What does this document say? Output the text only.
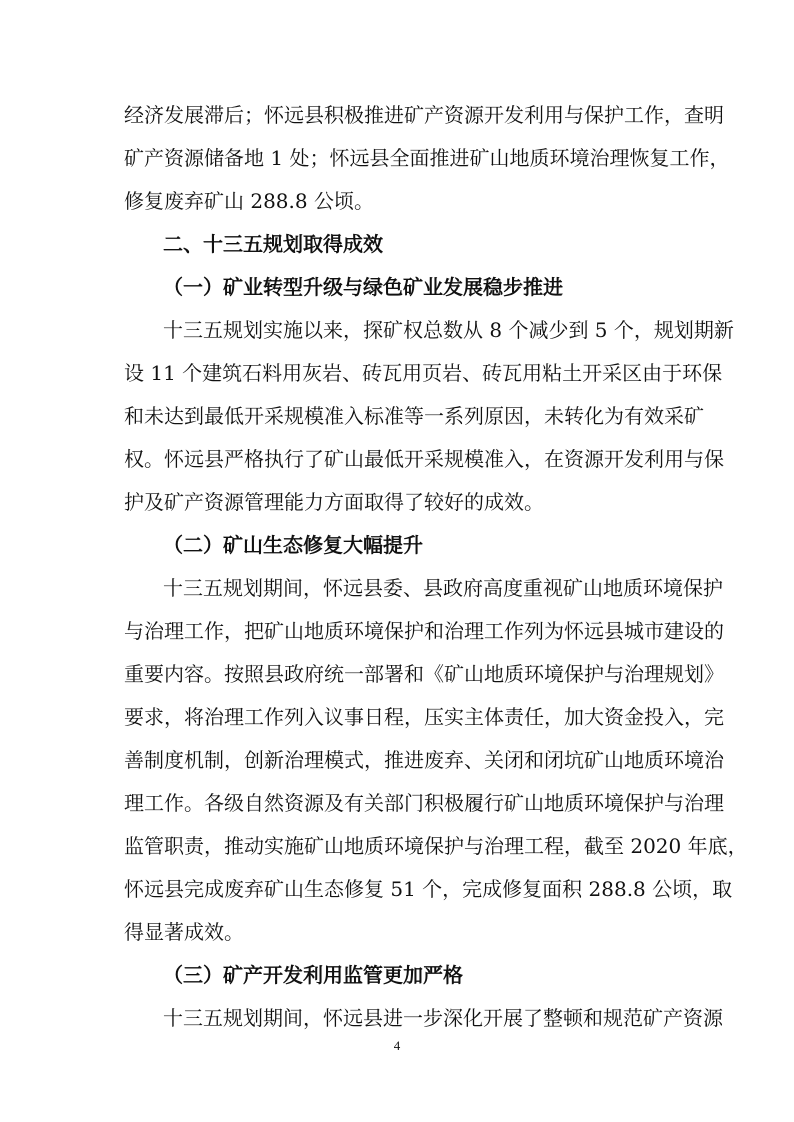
经济发展滞后；怀远县积极推进矿产资源开发利用与保护工作，查明
矿产资源储备地 1 处；怀远县全面推进矿山地质环境治理恢复工作，
修复废弃矿山 288.8 公顷。
二、十三五规划取得成效
（一）矿业转型升级与绿色矿业发展稳步推进
十三五规划实施以来，探矿权总数从 8 个减少到 5 个，规划期新
设 11 个建筑石料用灰岩、砖瓦用页岩、砖瓦用粘土开采区由于环保
和未达到最低开采规模准入标准等一系列原因，未转化为有效采矿
权。怀远县严格执行了矿山最低开采规模准入，在资源开发利用与保
护及矿产资源管理能力方面取得了较好的成效。
（二）矿山生态修复大幅提升
十三五规划期间，怀远县委、县政府高度重视矿山地质环境保护
与治理工作，把矿山地质环境保护和治理工作列为怀远县城市建设的
重要内容。按照县政府统一部署和《矿山地质环境保护与治理规划》
要求，将治理工作列入议事日程，压实主体责任，加大资金投入，完
善制度机制，创新治理模式，推进废弃、关闭和闭坑矿山地质环境治
理工作。各级自然资源及有关部门积极履行矿山地质环境保护与治理
监管职责，推动实施矿山地质环境保护与治理工程，截至 2020 年底，
怀远县完成废弃矿山生态修复 51 个，完成修复面积 288.8 公顷，取
得显著成效。
（三）矿产开发利用监管更加严格
十三五规划期间，怀远县进一步深化开展了整顿和规范矿产资源
4
